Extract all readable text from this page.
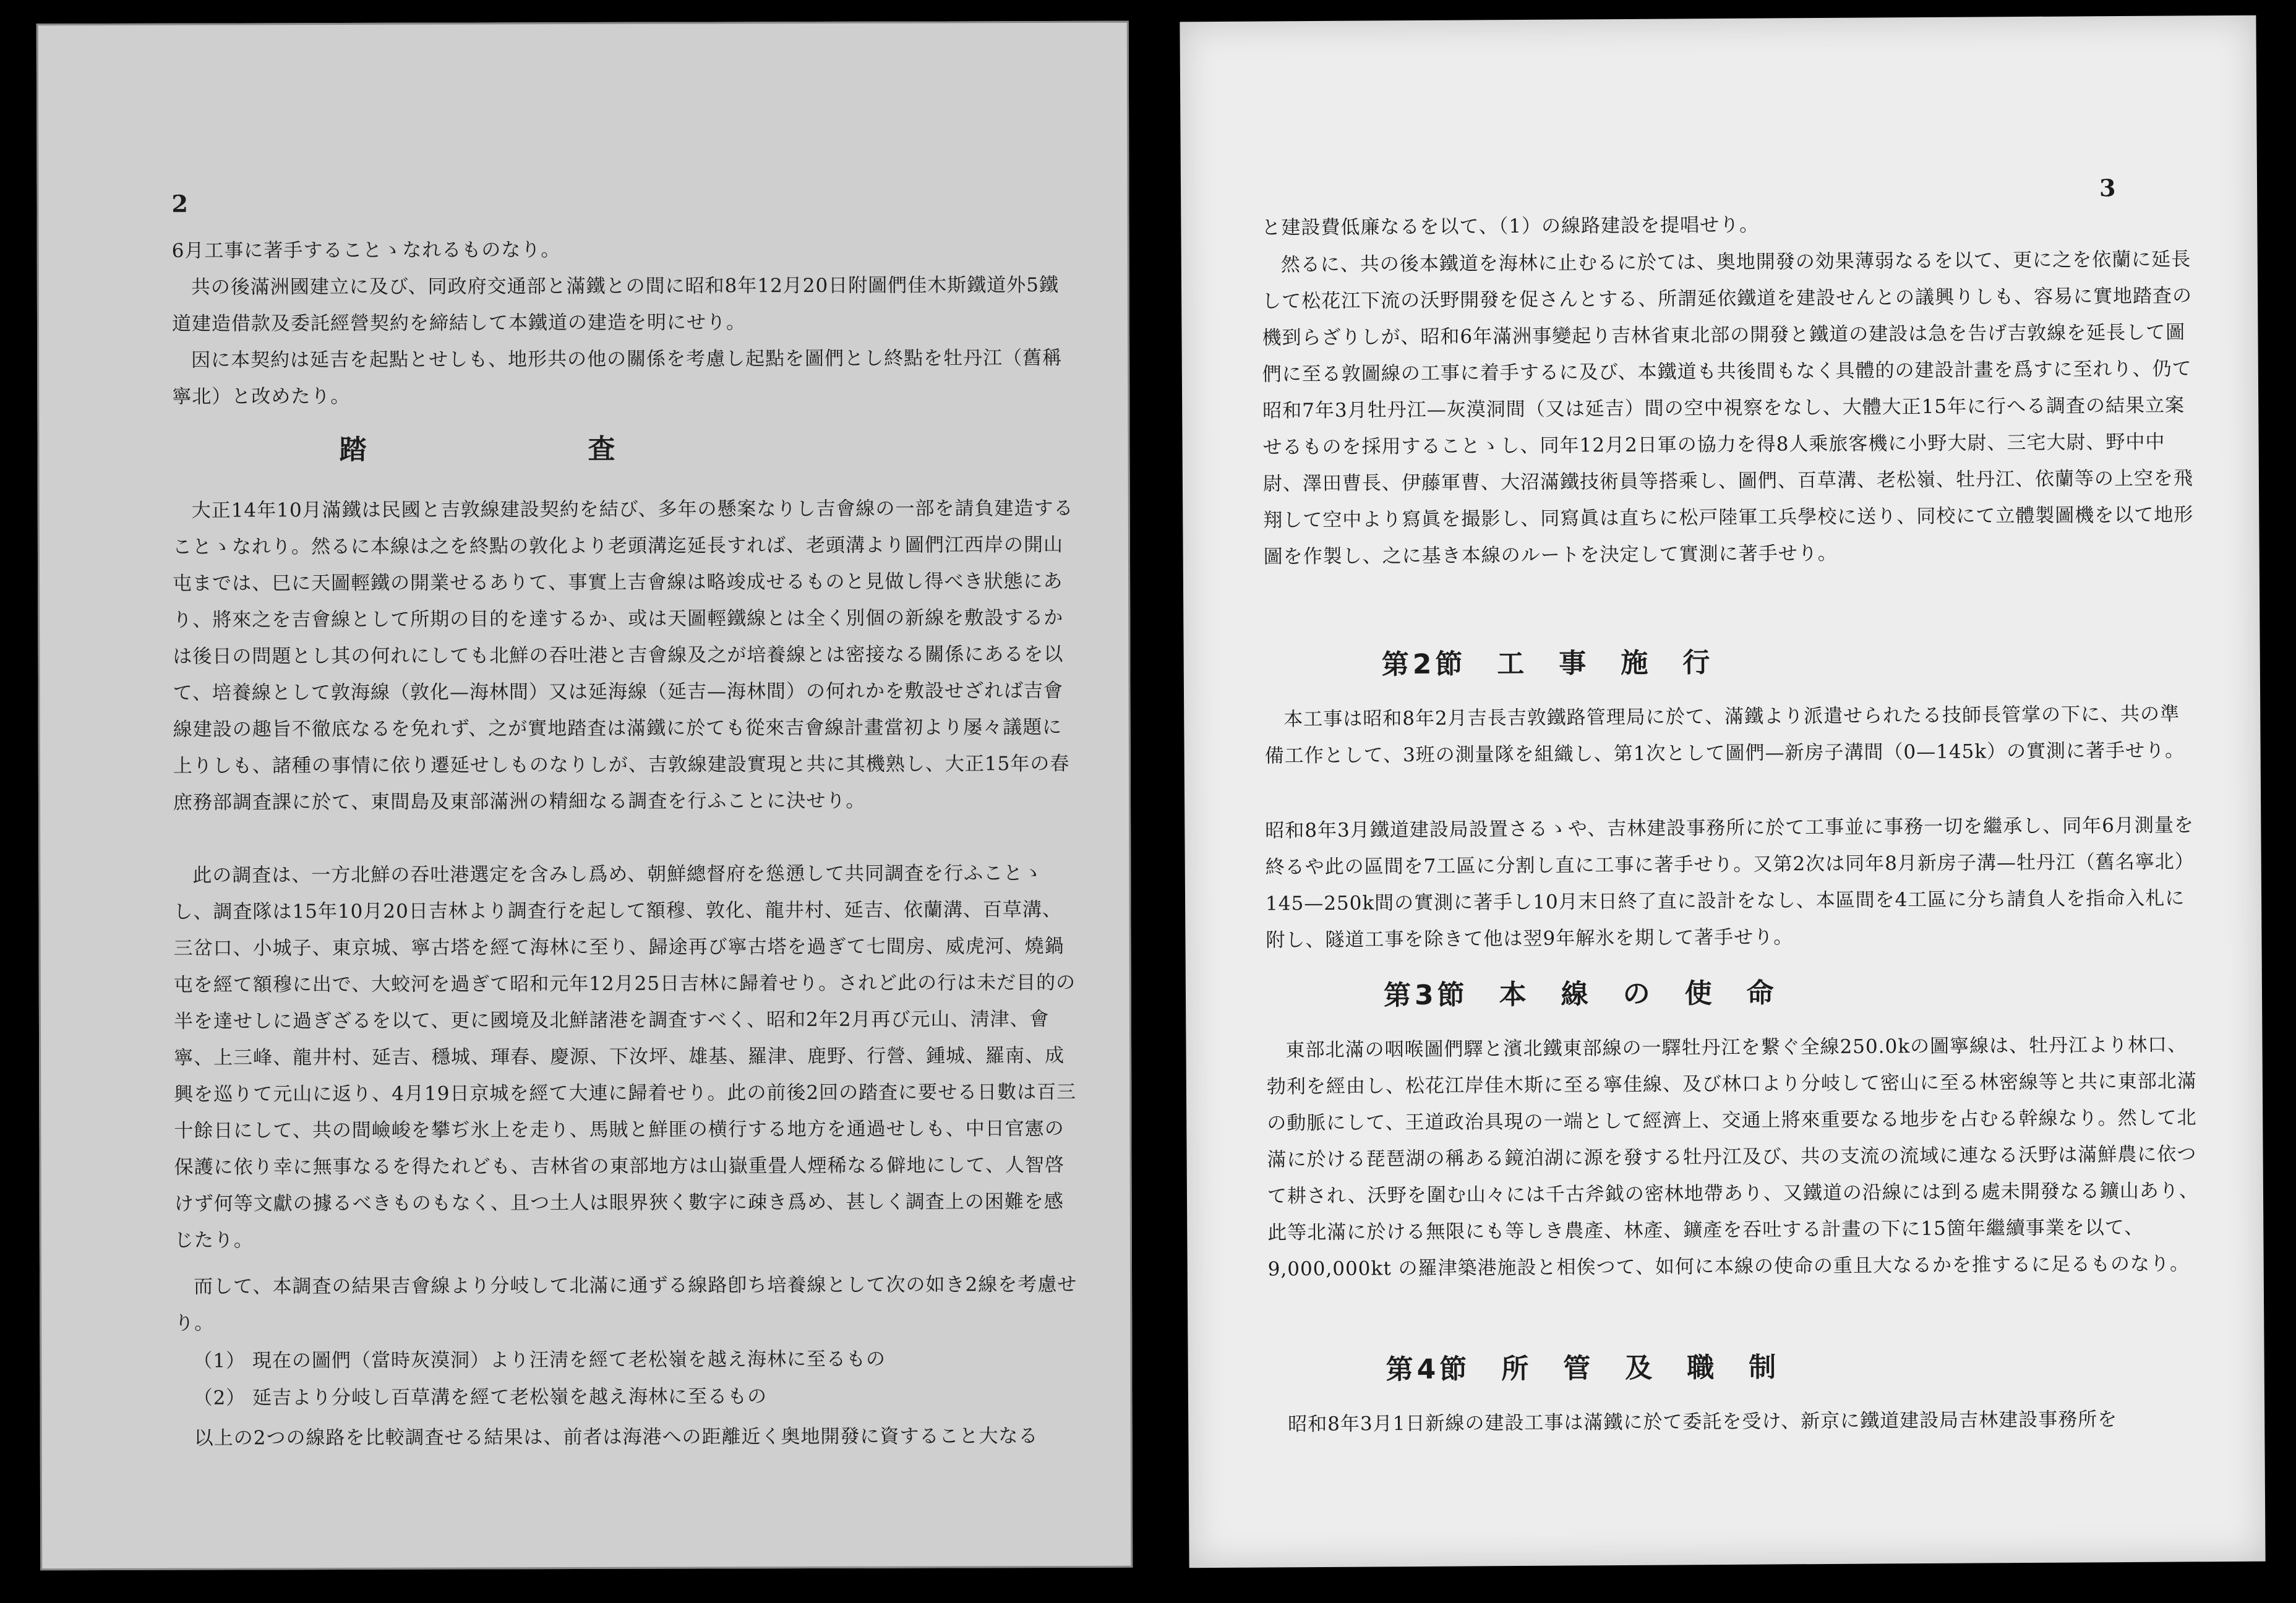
2

6月工事に著手することゝなれるものなり。

共の後滿洲國建立に及び、同政府交通部と滿鐵との間に昭和8年12月20日附圖們佳木斯鐵道外5鐵道建造借款及委託經營契約を締結して本鐵道の建造を明にせり。

因に本契約は延吉を起點とせしも、地形共の他の關係を考慮し起點を圖們とし終點を牡丹江（舊稱寧北）と改めたり。

踏　　査

大正14年10月滿鐵は民國と吉敦線建設契約を結び、多年の懸案なりし吉會線の一部を請負建造することゝなれり。然るに本線は之を終點の敦化より老頭溝迄延長すれば、老頭溝より圖們江西岸の開山屯までは、巳に天圖輕鐵の開業せるありて、事實上吉會線は略竣成せるものと見做し得べき狀態にあり、將來之を吉會線として所期の目的を達するか、或は天圖輕鐵線とは全く別個の新線を敷設するかは後日の問題とし其の何れにしても北鮮の吞吐港と吉會線及之が培養線とは密接なる關係にあるを以て、培養線として敦海線（敦化—海林間）又は延海線（延吉—海林間）の何れかを敷設せざれば吉會線建設の趣旨不徹底なるを免れず、之が實地踏査は滿鐵に於ても從來吉會線計畫當初より屡々議題に上りしも、諸種の事情に依り遷延せしものなりしが、吉敦線建設實現と共に其機熟し、大正15年の春庶務部調査課に於て、東間島及東部滿洲の精細なる調査を行ふことに決せり。

此の調査は、一方北鮮の吞吐港選定を含みし爲め、朝鮮總督府を慫慂して共同調査を行ふことゝし、調査隊は15年10月20日吉林より調査行を起して額穆、敦化、龍井村、延吉、依蘭溝、百草溝、三岔口、小城子、東京城、寧古塔を經て海林に至り、歸途再び寧古塔を過ぎて七間房、威虎河、燒鍋屯を經て額穆に出で、大蛟河を過ぎて昭和元年12月25日吉林に歸着せり。されど此の行は未だ目的の半を達せしに過ぎざるを以て、更に國境及北鮮諸港を調査すべく、昭和2年2月再び元山、淸津、會寧、上三峰、龍井村、延吉、穩城、琿春、慶源、下汝坪、雄基、羅津、鹿野、行營、鍾城、羅南、成興を巡りて元山に返り、4月19日京城を經て大連に歸着せり。此の前後2回の踏査に要せる日數は百三十餘日にして、共の間嶮峻を攀ぢ氷上を走り、馬賊と鮮匪の横行する地方を通過せしも、中日官憲の保護に依り幸に無事なるを得たれども、吉林省の東部地方は山嶽重畳人煙稀なる僻地にして、人智啓けず何等文獻の據るべきものもなく、且つ土人は眼界狹く數字に疎き爲め、甚しく調査上の困難を感じたり。

而して、本調査の結果吉會線より分岐して北滿に通ずる線路卽ち培養線として次の如き2線を考慮せり。

（1） 現在の圖們（當時灰漠洞）より汪淸を經て老松嶺を越え海林に至るもの
（2） 延吉より分岐し百草溝を經て老松嶺を越え海林に至るもの

以上の2つの線路を比較調査せる結果は、前者は海港への距離近く奥地開發に資すること大なる

3

と建設費低廉なるを以て、（1）の線路建設を提唱せり。

然るに、共の後本鐵道を海林に止むるに於ては、奥地開發の効果薄弱なるを以て、更に之を依蘭に延長して松花江下流の沃野開發を促さんとする、所謂延依鐵道を建設せんとの議興りしも、容易に實地踏査の機到らざりしが、昭和6年滿洲事變起り吉林省東北部の開發と鐵道の建設は急を告げ吉敦線を延長して圖們に至る敦圖線の工事に着手するに及び、本鐵道も共後間もなく具體的の建設計畫を爲すに至れり、仍て昭和7年3月牡丹江—灰漠洞間（又は延吉）間の空中視察をなし、大體大正15年に行へる調査の結果立案せるものを採用することゝし、同年12月2日軍の協力を得8人乘旅客機に小野大尉、三宅大尉、野中中尉、澤田曹長、伊藤軍曹、大沼滿鐵技術員等搭乘し、圖們、百草溝、老松嶺、牡丹江、依蘭等の上空を飛翔して空中より寫眞を撮影し、同寫眞は直ちに松戸陸軍工兵學校に送り、同校にて立體製圖機を以て地形圖を作製し、之に基き本線のルートを決定して實測に著手せり。

第2節　工　事　施　行

本工事は昭和8年2月吉長吉敦鐵路管理局に於て、滿鐵より派遣せられたる技師長管掌の下に、共の準備工作として、3班の測量隊を組織し、第1次として圖們—新房子溝間（0—145k）の實測に著手せり。

昭和8年3月鐵道建設局設置さるゝや、吉林建設事務所に於て工事並に事務一切を繼承し、同年6月測量を終るや此の區間を7工區に分割し直に工事に著手せり。又第2次は同年8月新房子溝—牡丹江（舊名寧北）145—250k間の實測に著手し10月末日終了直に設計をなし、本區間を4工區に分ち請負人を指命入札に附し、隧道工事を除きて他は翌9年解氷を期して著手せり。

第3節　本　線　の　使　命

東部北滿の咽喉圖們驛と濱北鐵東部線の一驛牡丹江を繋ぐ全線250.0kの圖寧線は、牡丹江より林口、勃利を經由し、松花江岸佳木斯に至る寧佳線、及び林口より分岐して密山に至る林密線等と共に東部北滿の動脈にして、王道政治具現の一端として經濟上、交通上將來重要なる地步を占むる幹線なり。然して北滿に於ける琵琶湖の稱ある鏡泊湖に源を發する牡丹江及び、共の支流の流域に連なる沃野は滿鮮農に依つて耕され、沃野を圍む山々には千古斧鉞の密林地帶あり、又鐵道の沿線には到る處未開發なる鑛山あり、此等北滿に於ける無限にも等しき農產、林產、鑛產を吞吐する計畫の下に15箇年繼續事業を以て、9,000,000kt の羅津築港施設と相俟つて、如何に本線の使命の重且大なるかを推するに足るものなり。

第4節　所　管　及　職　制

昭和8年3月1日新線の建設工事は滿鐵に於て委託を受け、新京に鐵道建設局吉林建設事務所を
